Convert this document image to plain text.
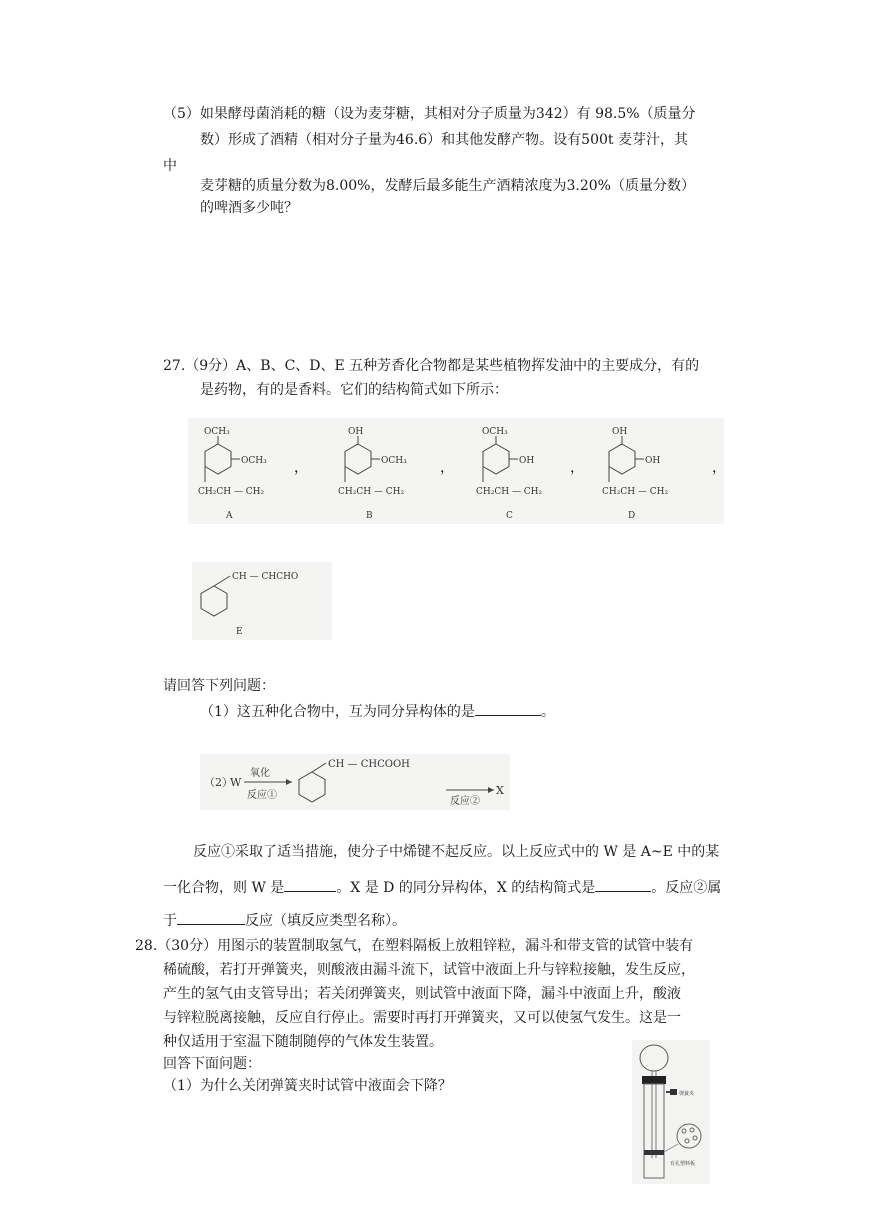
（5）如果酵母菌消耗的糖（设为麦芽糖，其相对分子质量为342）有 98.5%（质量分
数）形成了酒精（相对分子量为46.6）和其他发酵产物。设有500t 麦芽汁，其
中
麦芽糖的质量分数为8.00%，发酵后最多能生产酒精浓度为3.20%（质量分数）
的啤酒多少吨？
27.（9分）A、B、C、D、E 五种芳香化合物都是某些植物挥发油中的主要成分，有的
是药物，有的是香料。它们的结构简式如下所示：
OCH₃
OCH₃
CH₂CH — CH₂
A
，
OH
OCH₃
CH₂CH — CH₂
B
，
OCH₃
OH
CH₂CH — CH₂
C
，
OH
OH
CH₂CH — CH₂
D
，
CH — CHCHO
E
请回答下列问题：
（1）这五种化合物中，互为同分异构体的是	。
（2）
W
氧化
反应①
CH — CHCOOH
反应②
X
反应①采取了适当措施，使分子中烯键不起反应。以上反应式中的 W 是 A~E 中的某
一化合物，则 W 是	。X 是 D 的同分异构体，X 的结构简式是	。反应②属
于	反应（填反应类型名称）。
28.（30分）用图示的装置制取氢气，在塑料隔板上放粗锌粒，漏斗和带支管的试管中装有
稀硫酸，若打开弹簧夹，则酸液由漏斗流下，试管中液面上升与锌粒接触，发生反应，
产生的氢气由支管导出；若关闭弹簧夹，则试管中液面下降，漏斗中液面上升，酸液
与锌粒脱离接触，反应自行停止。需要时再打开弹簧夹，又可以使氢气发生。这是一
种仅适用于室温下随制随停的气体发生装置。
回答下面问题：
（1）为什么关闭弹簧夹时试管中液面会下降？	弹簧夹
有孔塑料板
